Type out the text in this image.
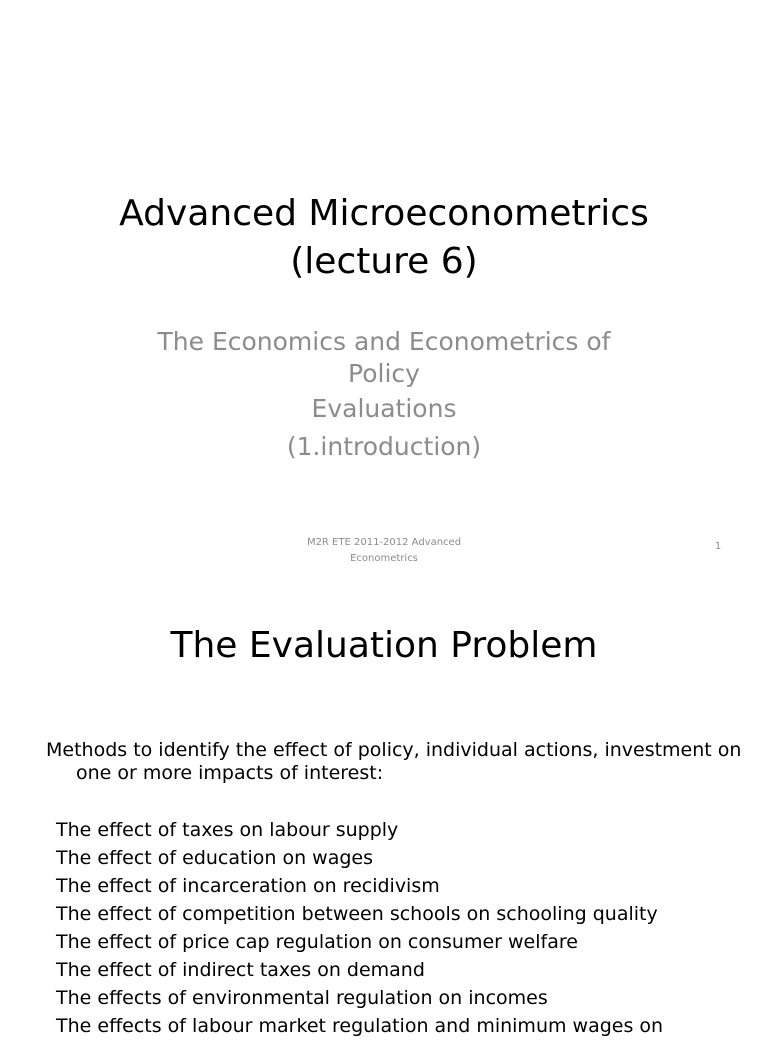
Advanced Microeconometrics
(lecture 6)
The Economics and Econometrics of
Policy
Evaluations
(1.introduction)
M2R ETE 2011-2012 Advanced
Econometrics
1
The Evaluation Problem
Methods to identify the effect of policy, individual actions, investment on one or more impacts of interest:
The effect of taxes on labour supply
The effect of education on wages
The effect of incarceration on recidivism
The effect of competition between schools on schooling quality
The effect of price cap regulation on consumer welfare
The effect of indirect taxes on demand
The effects of environmental regulation on incomes
The effects of labour market regulation and minimum wages on
